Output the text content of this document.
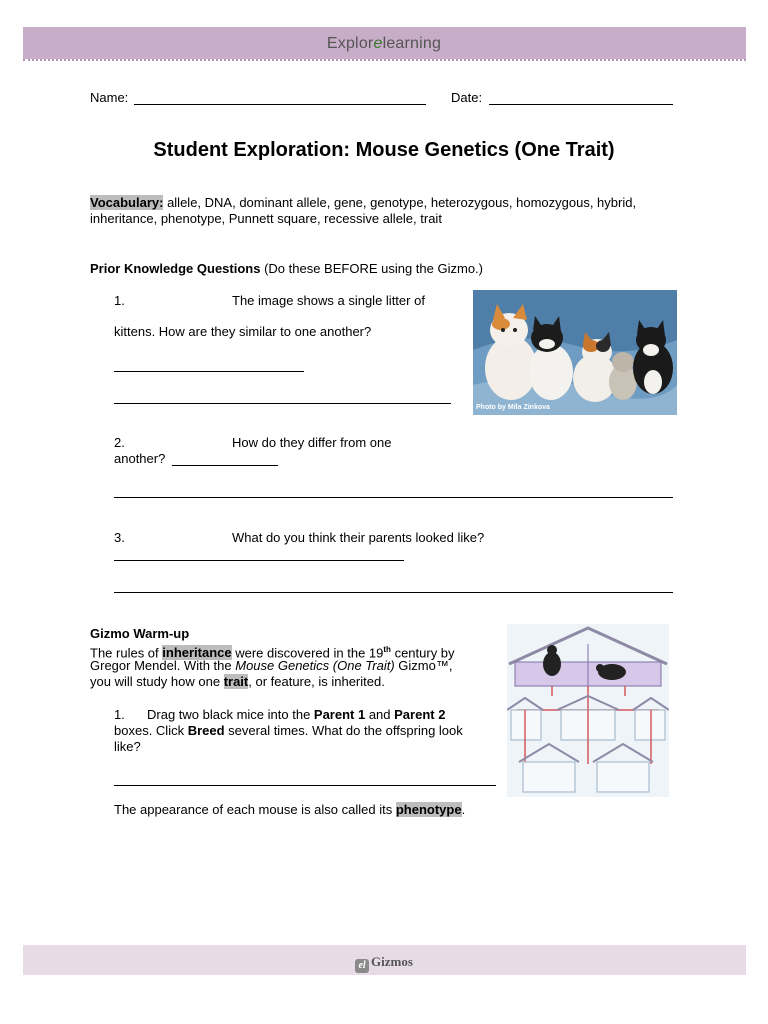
Explorelearning
Name:	Date:
Student Exploration: Mouse Genetics (One Trait)
Vocabulary: allele, DNA, dominant allele, gene, genotype, heterozygous, homozygous, hybrid, inheritance, phenotype, Punnett square, recessive allele, trait
Prior Knowledge Questions (Do these BEFORE using the Gizmo.)
1.	The image shows a single litter of
kittens. How are they similar to one another?
Photo by Mila Zinkova
2.	How do they differ from one
another?
3.	What do you think their parents looked like?
Gizmo Warm-up
The rules of inheritance were discovered in the 19th century by
Gregor Mendel. With the Mouse Genetics (One Trait) Gizmo™,
you will study how one trait, or feature, is inherited.
1. Drag two black mice into the Parent 1 and Parent 2
boxes. Click Breed several times. What do the offspring look
like?
The appearance of each mouse is also called its phenotype.
el Gizmos
